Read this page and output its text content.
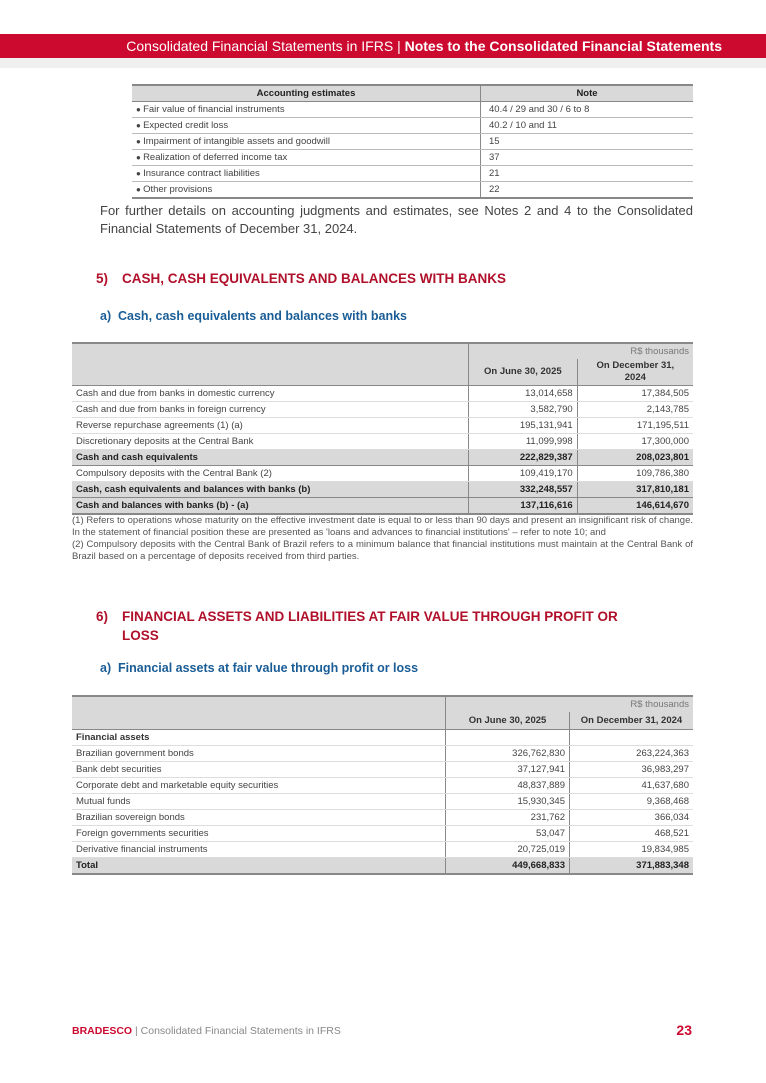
Consolidated Financial Statements in IFRS | Notes to the Consolidated Financial Statements
Accounting estimates	Note
● Fair value of financial instruments	40.4 / 29 and 30 / 6 to 8
● Expected credit loss	40.2 / 10 and 11
● Impairment of intangible assets and goodwill	15
● Realization of deferred income tax	37
● Insurance contract liabilities	21
● Other provisions	22
For further details on accounting judgments and estimates, see Notes 2 and 4 to the Consolidated Financial Statements of December 31, 2024.
5) CASH, CASH EQUIVALENTS AND BALANCES WITH BANKS
a) Cash, cash equivalents and balances with banks
	R$ thousands	
	On June 30, 2025	On December 31, 2024
Cash and due from banks in domestic currency	13,014,658	17,384,505
Cash and due from banks in foreign currency	3,582,790	2,143,785
Reverse repurchase agreements (1) (a)	195,131,941	171,195,511
Discretionary deposits at the Central Bank	11,099,998	17,300,000
Cash and cash equivalents	222,829,387	208,023,801
Compulsory deposits with the Central Bank (2)	109,419,170	109,786,380
Cash, cash equivalents and balances with banks (b)	332,248,557	317,810,181
Cash and balances with banks (b) - (a)	137,116,616	146,614,670
(1) Refers to operations whose maturity on the effective investment date is equal to or less than 90 days and present an insignificant risk of change. In the statement of financial position these are presented as 'loans and advances to financial institutions' – refer to note 10; and
(2) Compulsory deposits with the Central Bank of Brazil refers to a minimum balance that financial institutions must maintain at the Central Bank of Brazil based on a percentage of deposits received from third parties.
6) FINANCIAL ASSETS AND LIABILITIES AT FAIR VALUE THROUGH PROFIT OR
LOSS
a) Financial assets at fair value through profit or loss
	R$ thousands	
	On June 30, 2025	On December 31, 2024
Financial assets		
Brazilian government bonds	326,762,830	263,224,363
Bank debt securities	37,127,941	36,983,297
Corporate debt and marketable equity securities	48,837,889	41,637,680
Mutual funds	15,930,345	9,368,468
Brazilian sovereign bonds	231,762	366,034
Foreign governments securities	53,047	468,521
Derivative financial instruments	20,725,019	19,834,985
Total	449,668,833	371,883,348
BRADESCO | Consolidated Financial Statements in IFRS	23
